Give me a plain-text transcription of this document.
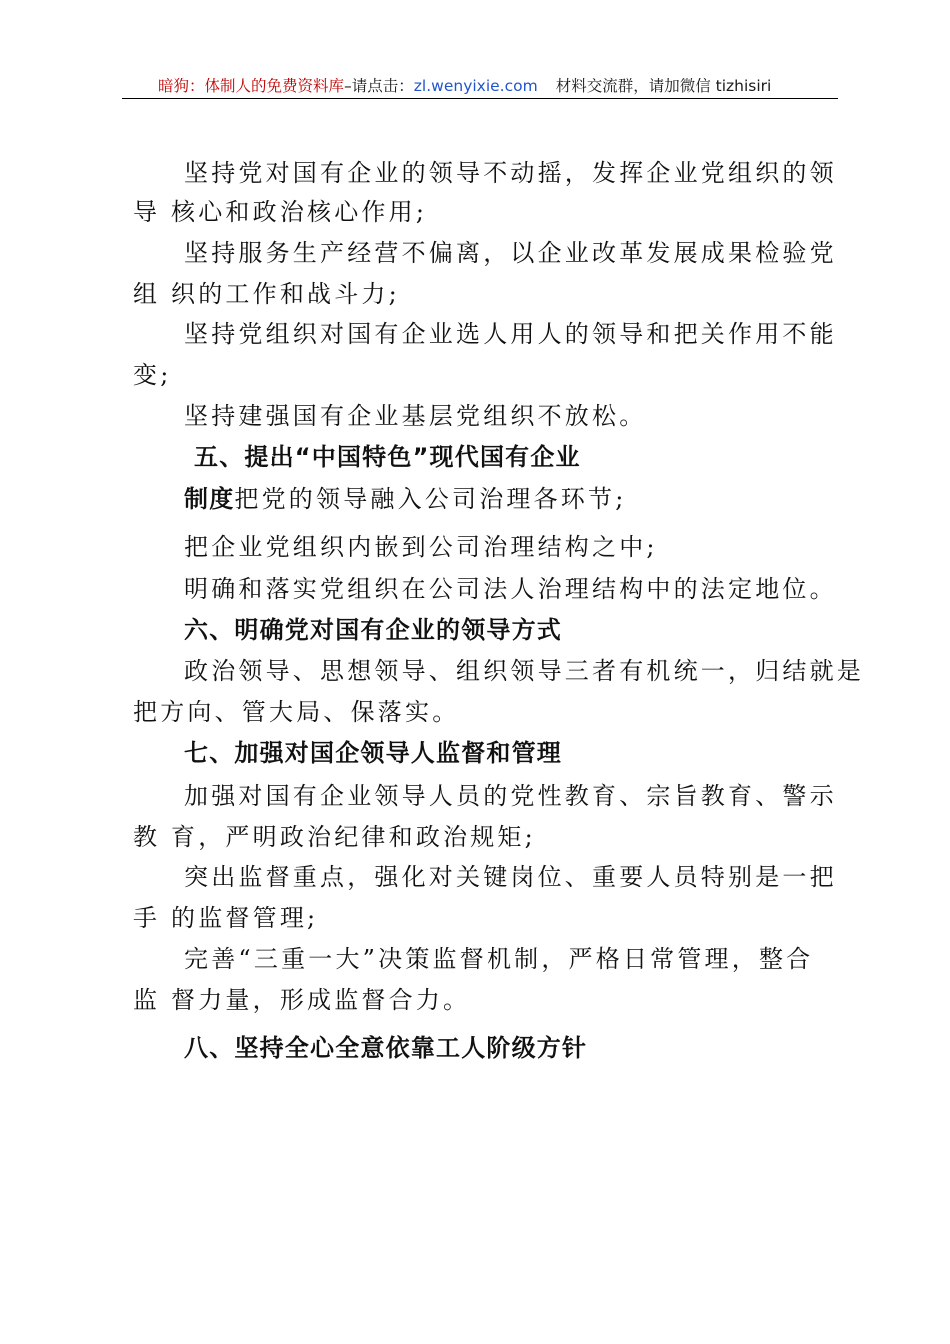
暗狗：体制人的免费资料库–请点击：zl.wenyixie.com 材料交流群，请加微信 tizhisiri
坚持党对国有企业的领导不动摇，发挥企业党组织的领
导 核心和政治核心作用;
坚持服务生产经营不偏离，以企业改革发展成果检验党
组 织的工作和战斗力;
坚持党组织对国有企业选人用人的领导和把关作用不能
变;
坚持建强国有企业基层党组织不放松。
五、提出“中国特色”现代国有企业
制度把党的领导融入公司治理各环节;
把企业党组织内嵌到公司治理结构之中;
明确和落实党组织在公司法人治理结构中的法定地位。
六、明确党对国有企业的领导方式
政治领导、思想领导、组织领导三者有机统一，归结就是
把方向、管大局、保落实。
七、加强对国企领导人监督和管理
加强对国有企业领导人员的党性教育、宗旨教育、警示
教 育，严明政治纪律和政治规矩;
突出监督重点，强化对关键岗位、重要人员特别是一把
手 的监督管理;
完善“三重一大”决策监督机制，严格日常管理，整合
监 督力量，形成监督合力。
八、坚持全心全意依靠工人阶级方针
